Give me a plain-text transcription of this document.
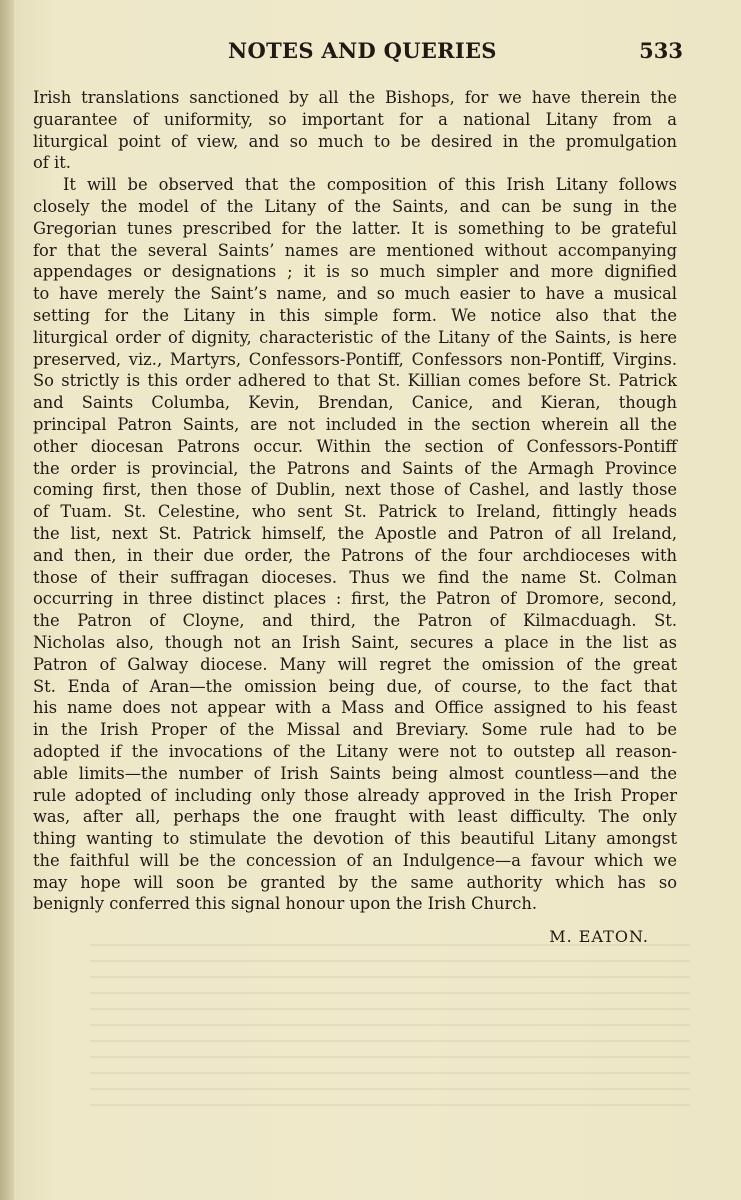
NOTES AND QUERIES	533
Irish translations sanctioned by all the Bishops, for we have therein the
guarantee of uniformity, so important for a national Litany from a
liturgical point of view, and so much to be desired in the promulgation
of it.
It will be observed that the composition of this Irish Litany follows
closely the model of the Litany of the Saints, and can be sung in the
Gregorian tunes prescribed for the latter. It is something to be grateful
for that the several Saints’ names are mentioned without accompanying
appendages or designations ; it is so much simpler and more dignified
to have merely the Saint’s name, and so much easier to have a musical
setting for the Litany in this simple form. We notice also that the
liturgical order of dignity, characteristic of the Litany of the Saints, is here
preserved, viz., Martyrs, Confessors-Pontiff, Confessors non-Pontiff, Virgins.
So strictly is this order adhered to that St. Killian comes before St. Patrick
and Saints Columba, Kevin, Brendan, Canice, and Kieran, though
principal Patron Saints, are not included in the section wherein all the
other diocesan Patrons occur. Within the section of Confessors-Pontiff
the order is provincial, the Patrons and Saints of the Armagh Province
coming first, then those of Dublin, next those of Cashel, and lastly those
of Tuam. St. Celestine, who sent St. Patrick to Ireland, fittingly heads
the list, next St. Patrick himself, the Apostle and Patron of all Ireland,
and then, in their due order, the Patrons of the four archdioceses with
those of their suffragan dioceses. Thus we find the name St. Colman
occurring in three distinct places : first, the Patron of Dromore, second,
the Patron of Cloyne, and third, the Patron of Kilmacduagh. St.
Nicholas also, though not an Irish Saint, secures a place in the list as
Patron of Galway diocese. Many will regret the omission of the great
St. Enda of Aran—the omission being due, of course, to the fact that
his name does not appear with a Mass and Office assigned to his feast
in the Irish Proper of the Missal and Breviary. Some rule had to be
adopted if the invocations of the Litany were not to outstep all reason-
able limits—the number of Irish Saints being almost countless—and the
rule adopted of including only those already approved in the Irish Proper
was, after all, perhaps the one fraught with least difficulty. The only
thing wanting to stimulate the devotion of this beautiful Litany amongst
the faithful will be the concession of an Indulgence—a favour which we
may hope will soon be granted by the same authority which has so
benignly conferred this signal honour upon the Irish Church.
M. EATON.
